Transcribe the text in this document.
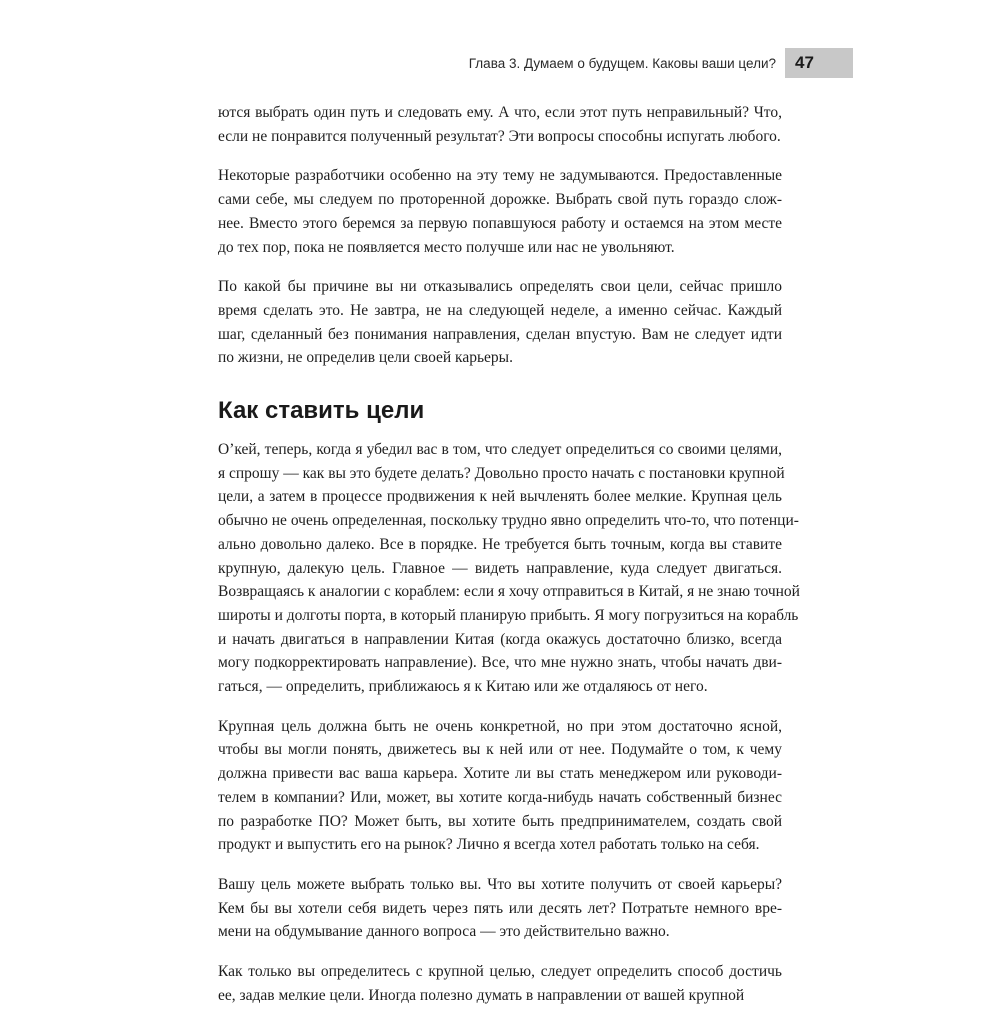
Глава 3. Думаем о будущем. Каковы ваши цели?	47
ются выбрать один путь и следовать ему. А что, если этот путь неправильный? Что,
если не понравится полученный результат? Эти вопросы способны испугать любого.
Некоторые разработчики особенно на эту тему не задумываются. Предоставленные
сами себе, мы следуем по проторенной дорожке. Выбрать свой путь гораздо слож-
нее. Вместо этого беремся за первую попавшуюся работу и остаемся на этом месте
до тех пор, пока не появляется место получше или нас не увольняют.
По какой бы причине вы ни отказывались определять свои цели, сейчас пришло
время сделать это. Не завтра, не на следующей неделе, а именно сейчас. Каждый
шаг, сделанный без понимания направления, сделан впустую. Вам не следует идти
по жизни, не определив цели своей карьеры.
Как ставить цели
О’кей, теперь, когда я убедил вас в том, что следует определиться со своими целями,
я спрошу — как вы это будете делать? Довольно просто начать с постановки крупной
цели, а затем в процессе продвижения к ней вычленять более мелкие. Крупная цель
обычно не очень определенная, поскольку трудно явно определить что-то, что потенци-
ально довольно далеко. Все в порядке. Не требуется быть точным, когда вы ставите
крупную, далекую цель. Главное — видеть направление, куда следует двигаться.
Возвращаясь к аналогии с кораблем: если я хочу отправиться в Китай, я не знаю точной
широты и долготы порта, в который планирую прибыть. Я могу погрузиться на корабль
и начать двигаться в направлении Китая (когда окажусь достаточно близко, всегда
могу подкорректировать направление). Все, что мне нужно знать, чтобы начать дви-
гаться, — определить, приближаюсь я к Китаю или же отдаляюсь от него.
Крупная цель должна быть не очень конкретной, но при этом достаточно ясной,
чтобы вы могли понять, движетесь вы к ней или от нее. Подумайте о том, к чему
должна привести вас ваша карьера. Хотите ли вы стать менеджером или руководи-
телем в компании? Или, может, вы хотите когда-нибудь начать собственный бизнес
по разработке ПО? Может быть, вы хотите быть предпринимателем, создать свой
продукт и выпустить его на рынок? Лично я всегда хотел работать только на себя.
Вашу цель можете выбрать только вы. Что вы хотите получить от своей карьеры?
Кем бы вы хотели себя видеть через пять или десять лет? Потратьте немного вре-
мени на обдумывание данного вопроса — это действительно важно.
Как только вы определитесь с крупной целью, следует определить способ достичь
ее, задав мелкие цели. Иногда полезно думать в направлении от вашей крупной
